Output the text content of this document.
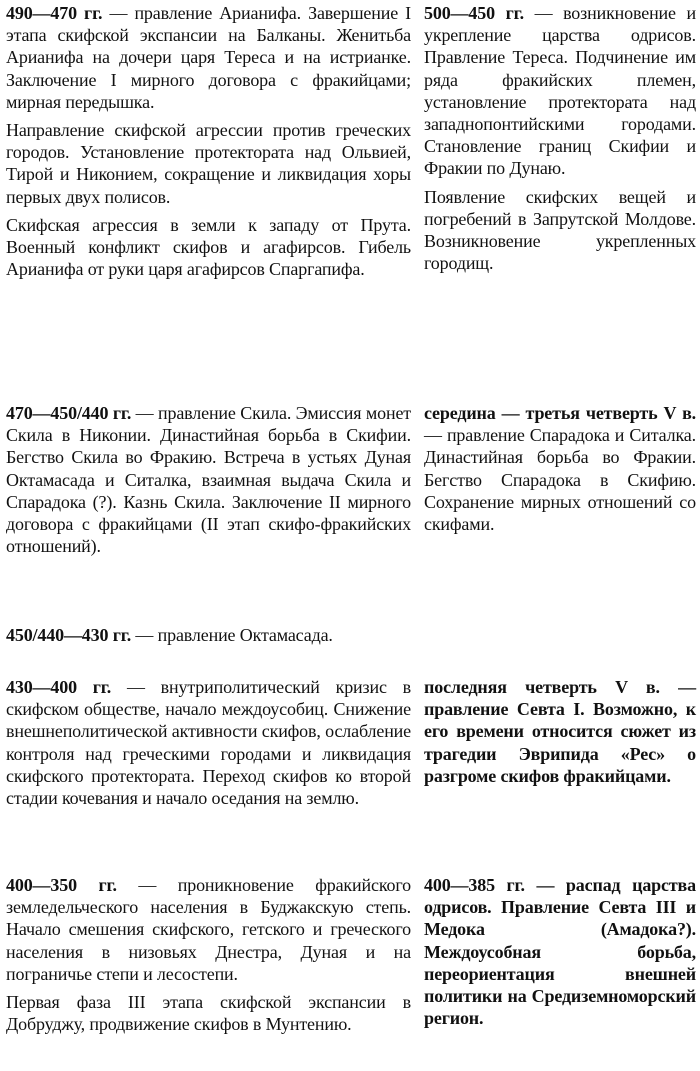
490—470 гг. — правление Арианифа. Завершение I этапа скифской экспансии на Балканы. Женитьба Арианифа на дочери царя Тереса и на истрианке. Заключение I мирного договора с фракийцами; мирная передышка.

Направление скифской агрессии против греческих городов. Установление протектората над Ольвией, Тирой и Никонием, сокращение и ликвидация хоры первых двух полисов.

Скифская агрессия в земли к западу от Прута. Военный конфликт скифов и агафирсов. Гибель Арианифа от руки царя агафирсов Спаргапифа.

470—450/440 гг. — правление Скила. Эмиссия монет Скила в Никонии. Династийная борьба в Скифии. Бегство Скила во Фракию. Встреча в устьях Дуная Октамасада и Ситалка, взаимная выдача Скила и Спарадока (?). Казнь Скила. Заключение II мирного договора с фракийцами (II этап скифо-фракийских отношений).

450/440—430 гг. — правление Октамасада.

430—400 гг. — внутриполитический кризис в скифском обществе, начало междоусобиц. Снижение внешнеполитической активности скифов, ослабление контроля над греческими городами и ликвидация скифского протектората. Переход скифов ко второй стадии кочевания и начало оседания на землю.

400—350 гг. — проникновение фракийского земледельческого населения в Буджакскую степь. Начало смешения скифского, гетского и греческого населения в низовьях Днестра, Дуная и на пограничье степи и лесостепи.

Первая фаза III этапа скифской экспансии в Добруджу, продвижение скифов в Мунтению.

500—450 гг. — возникновение и укрепление царства одрисов. Правление Тереса. Подчинение им ряда фракийских племен, установление протектората над западнопонтийскими городами. Становление границ Скифии и Фракии по Дунаю.

Появление скифских вещей и погребений в Запрутской Молдове. Возникновение укрепленных городищ.

середина — третья четверть V в. — правление Спарадока и Ситалка. Династийная борьба во Фракии. Бегство Спарадока в Скифию. Сохранение мирных отношений со скифами.

последняя четверть V в. — правление Севта I. Возможно, к его времени относится сюжет из трагедии Эврипида «Рес» о разгроме скифов фракийцами.

400—385 гг. — распад царства одрисов. Правление Севта III и Медока (Амадока?). Междоусобная борьба, переориентация внешней политики на Средиземноморский регион.
